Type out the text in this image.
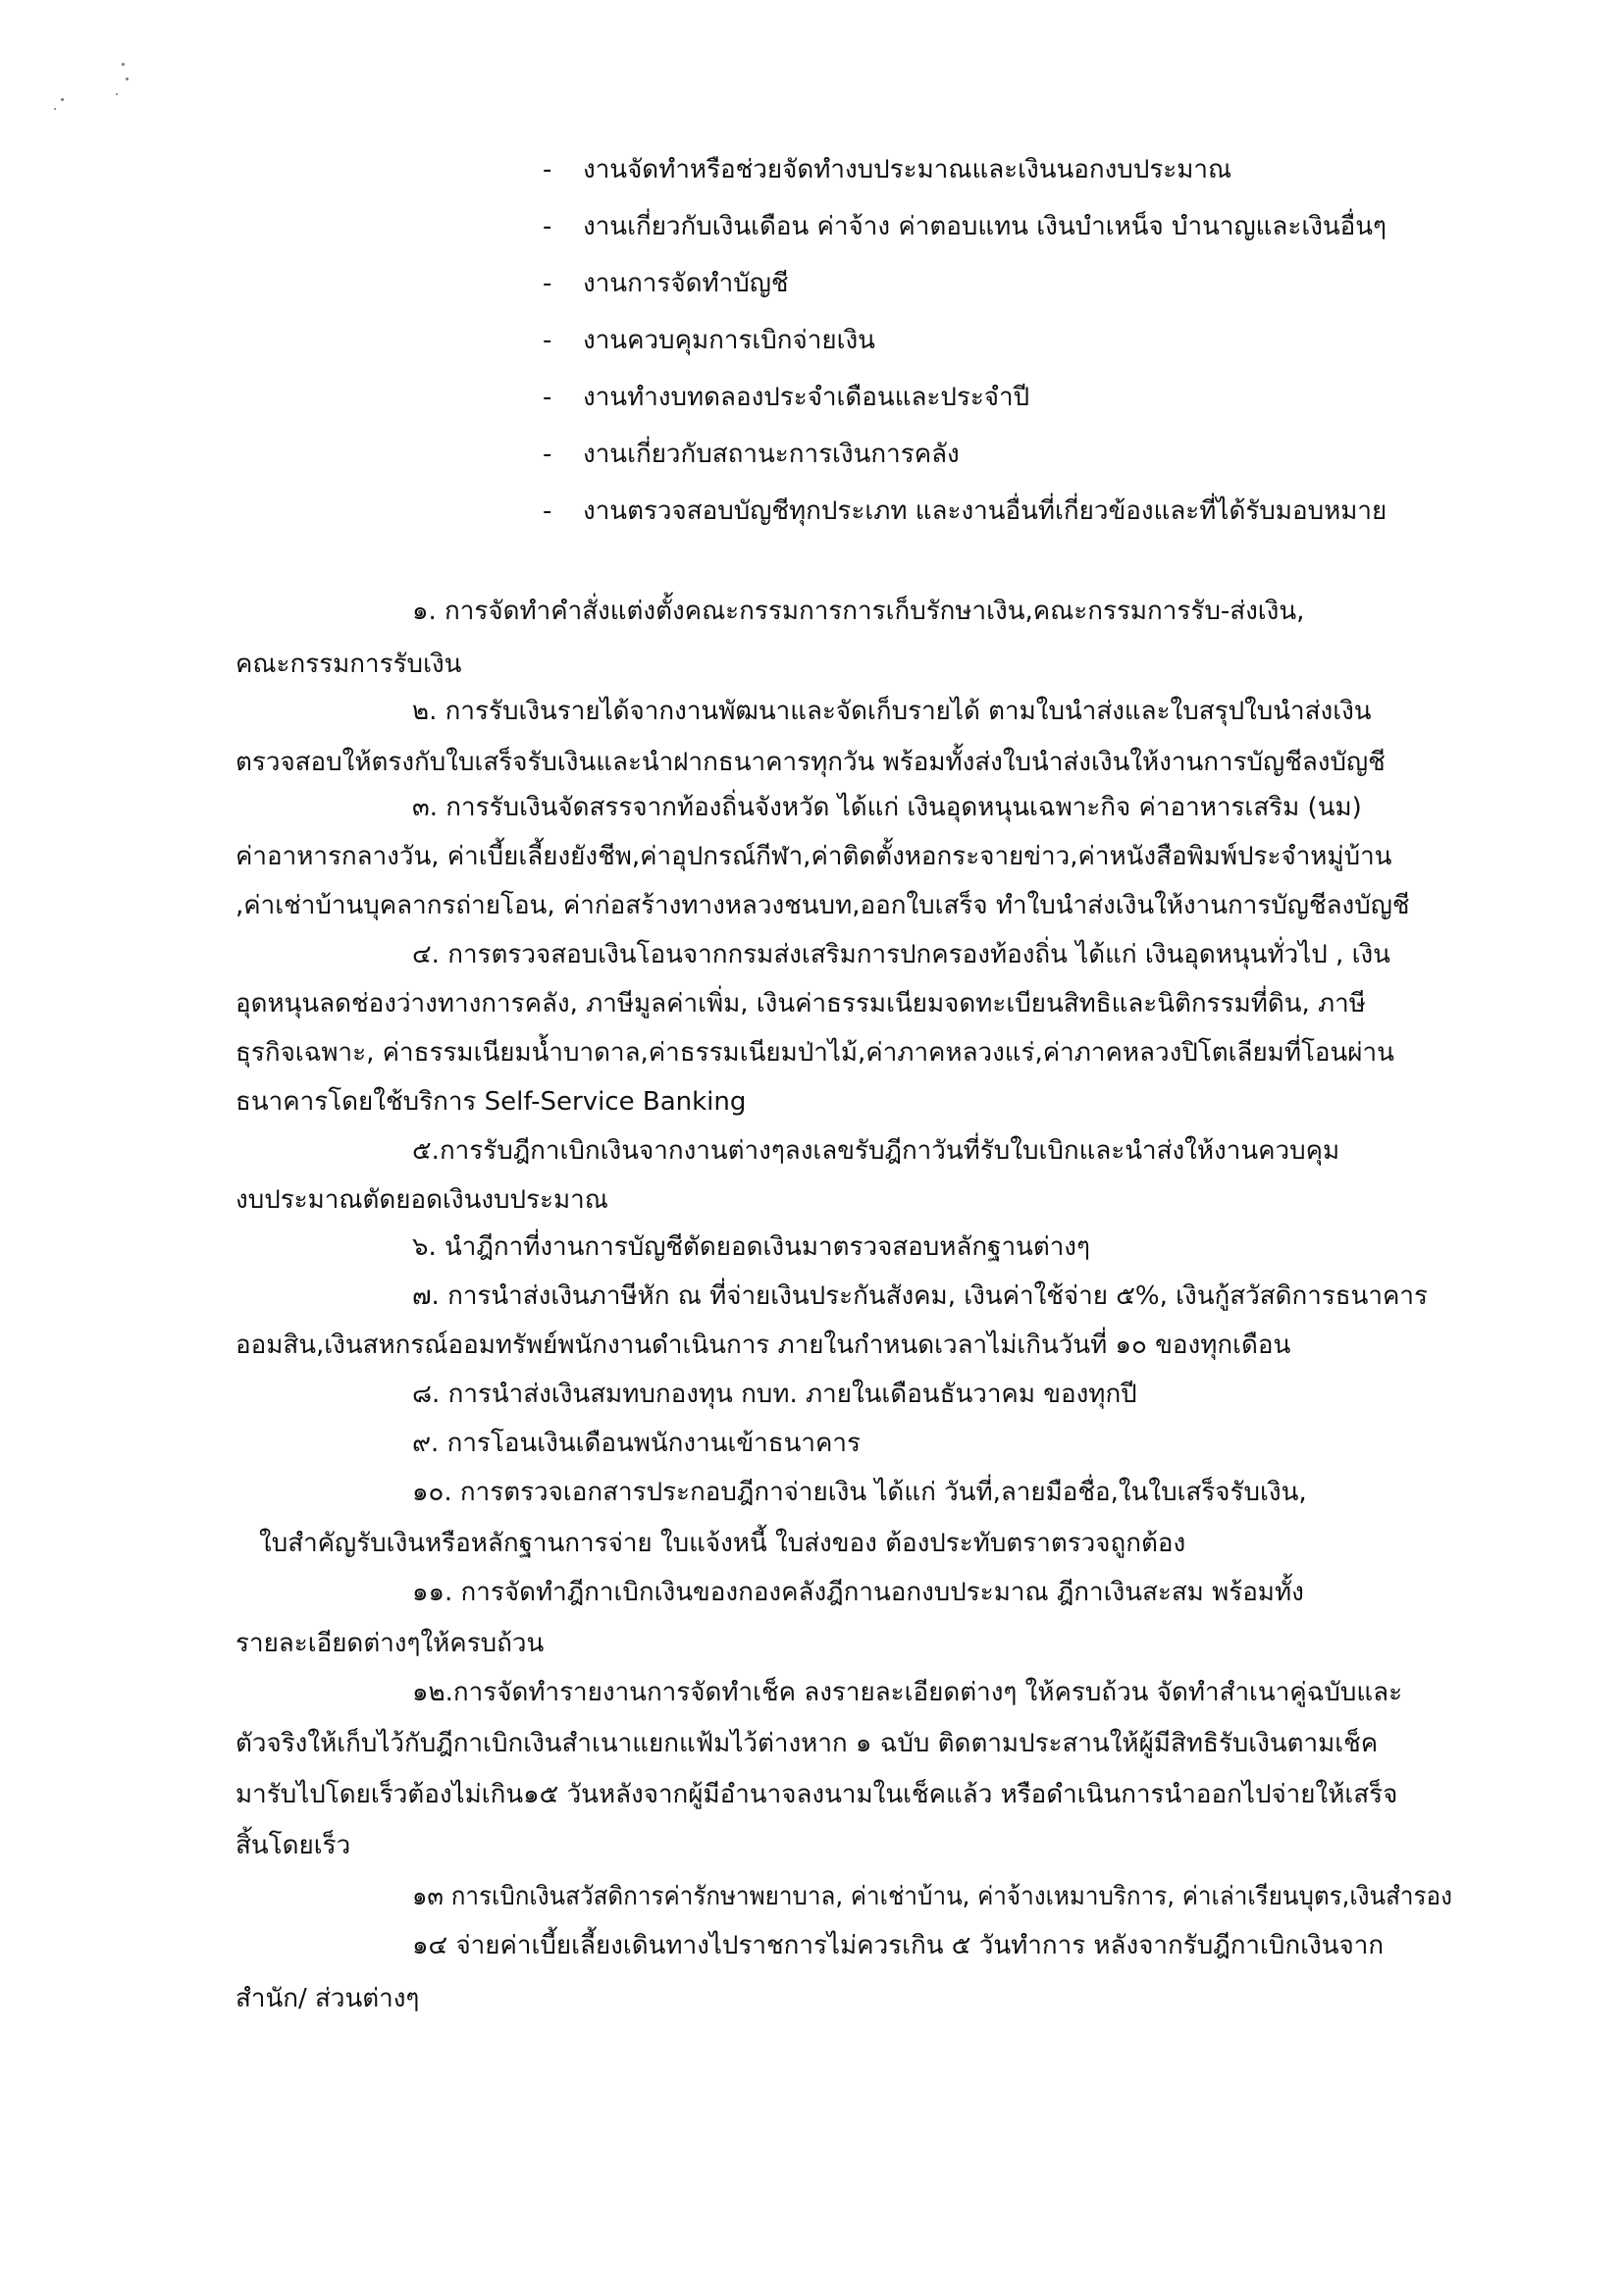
- งานจัดทำหรือช่วยจัดทำงบประมาณและเงินนอกงบประมาณ
- งานเกี่ยวกับเงินเดือน ค่าจ้าง ค่าตอบแทน เงินบำเหน็จ บำนาญและเงินอื่นๆ
- งานการจัดทำบัญชี
- งานควบคุมการเบิกจ่ายเงิน
- งานทำงบทดลองประจำเดือนและประจำปี
- งานเกี่ยวกับสถานะการเงินการคลัง
- งานตรวจสอบบัญชีทุกประเภท และงานอื่นที่เกี่ยวข้องและที่ได้รับมอบหมาย
๑. การจัดทำคำสั่งแต่งตั้งคณะกรรมการการเก็บรักษาเงิน,คณะกรรมการรับ-ส่งเงิน,
คณะกรรมการรับเงิน
๒. การรับเงินรายได้จากงานพัฒนาและจัดเก็บรายได้ ตามใบนำส่งและใบสรุปใบนำส่งเงิน
ตรวจสอบให้ตรงกับใบเสร็จรับเงินและนำฝากธนาคารทุกวัน พร้อมทั้งส่งใบนำส่งเงินให้งานการบัญชีลงบัญชี
๓. การรับเงินจัดสรรจากท้องถิ่นจังหวัด ได้แก่ เงินอุดหนุนเฉพาะกิจ ค่าอาหารเสริม (นม)
ค่าอาหารกลางวัน, ค่าเบี้ยเลี้ยงยังชีพ,ค่าอุปกรณ์กีฬา,ค่าติดตั้งหอกระจายข่าว,ค่าหนังสือพิมพ์ประจำหมู่บ้าน
,ค่าเช่าบ้านบุคลากรถ่ายโอน, ค่าก่อสร้างทางหลวงชนบท,ออกใบเสร็จ ทำใบนำส่งเงินให้งานการบัญชีลงบัญชี
๔. การตรวจสอบเงินโอนจากกรมส่งเสริมการปกครองท้องถิ่น ได้แก่ เงินอุดหนุนทั่วไป , เงิน
อุดหนุนลดช่องว่างทางการคลัง, ภาษีมูลค่าเพิ่ม, เงินค่าธรรมเนียมจดทะเบียนสิทธิและนิติกรรมที่ดิน, ภาษี
ธุรกิจเฉพาะ, ค่าธรรมเนียมน้ำบาดาล,ค่าธรรมเนียมป่าไม้,ค่าภาคหลวงแร่,ค่าภาคหลวงปิโตเลียมที่โอนผ่าน
ธนาคารโดยใช้บริการ Self-Service Banking
๕.การรับฎีกาเบิกเงินจากงานต่างๆลงเลขรับฎีกาวันที่รับใบเบิกและนำส่งให้งานควบคุม
งบประมาณตัดยอดเงินงบประมาณ
๖. นำฎีกาที่งานการบัญชีตัดยอดเงินมาตรวจสอบหลักฐานต่างๆ
๗. การนำส่งเงินภาษีหัก ณ ที่จ่ายเงินประกันสังคม, เงินค่าใช้จ่าย ๕%, เงินกู้สวัสดิการธนาคาร
ออมสิน,เงินสหกรณ์ออมทรัพย์พนักงานดำเนินการ ภายในกำหนดเวลาไม่เกินวันที่ ๑๐ ของทุกเดือน
๘. การนำส่งเงินสมทบกองทุน กบท. ภายในเดือนธันวาคม ของทุกปี
๙. การโอนเงินเดือนพนักงานเข้าธนาคาร
๑๐. การตรวจเอกสารประกอบฎีกาจ่ายเงิน ได้แก่ วันที่,ลายมือชื่อ,ในใบเสร็จรับเงิน,
ใบสำคัญรับเงินหรือหลักฐานการจ่าย ใบแจ้งหนี้ ใบส่งของ ต้องประทับตราตรวจถูกต้อง
๑๑. การจัดทำฎีกาเบิกเงินของกองคลังฎีกานอกงบประมาณ ฎีกาเงินสะสม พร้อมทั้ง
รายละเอียดต่างๆให้ครบถ้วน
๑๒.การจัดทำรายงานการจัดทำเช็ค ลงรายละเอียดต่างๆ ให้ครบถ้วน จัดทำสำเนาคู่ฉบับและ
ตัวจริงให้เก็บไว้กับฎีกาเบิกเงินสำเนาแยกแฟ้มไว้ต่างหาก ๑ ฉบับ ติดตามประสานให้ผู้มีสิทธิรับเงินตามเช็ค
มารับไปโดยเร็วต้องไม่เกิน๑๕ วันหลังจากผู้มีอำนาจลงนามในเช็คแล้ว หรือดำเนินการนำออกไปจ่ายให้เสร็จ
สิ้นโดยเร็ว
๑๓ การเบิกเงินสวัสดิการค่ารักษาพยาบาล, ค่าเช่าบ้าน, ค่าจ้างเหมาบริการ, ค่าเล่าเรียนบุตร,เงินสำรอง
๑๔ จ่ายค่าเบี้ยเลี้ยงเดินทางไปราชการไม่ควรเกิน ๕ วันทำการ หลังจากรับฎีกาเบิกเงินจาก
สำนัก/ ส่วนต่างๆ
